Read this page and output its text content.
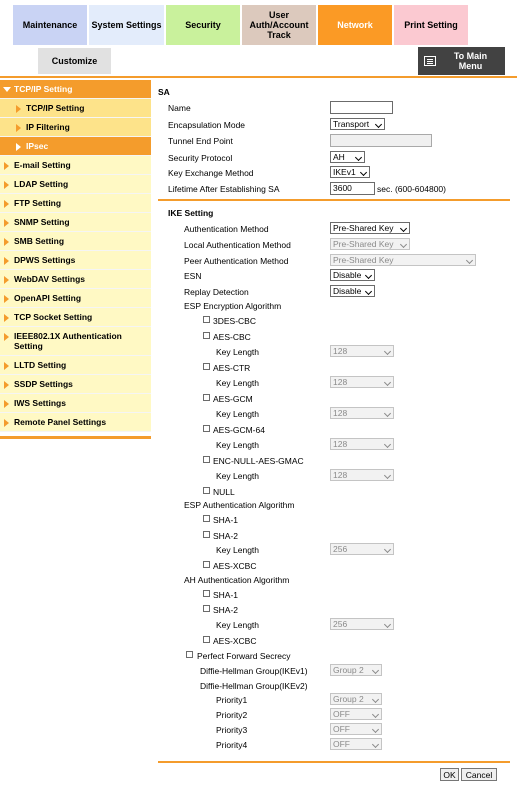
Maintenance System Settings	Security
User
Auth/Account
Track
Network	Print Setting
Customize	To Main
Menu
TCP/IP Setting
TCP/IP Setting
IP Filtering
IPsec
E-mail Setting
LDAP Setting
FTP Setting
SNMP Setting
SMB Setting
DPWS Settings
WebDAV Settings
OpenAPI Setting
TCP Socket Setting
IEEE802.1X Authentication Setting
LLTD Setting
SSDP Settings
IWS Settings
Remote Panel Settings
SA
Name
Encapsulation Mode	Transport
Tunnel End Point
Security Protocol	AH
Key Exchange Method	IKEv1
Lifetime After Establishing SA	3600	sec. (600-604800)
IKE Setting
Authentication Method	Pre-Shared Key
Local Authentication Method	Pre-Shared Key
Peer Authentication Method	Pre-Shared Key
ESN	Disable
Replay Detection	Disable
ESP Encryption Algorithm
3DES-CBC
AES-CBC
Key Length	128
AES-CTR
Key Length	128
AES-GCM
Key Length	128
AES-GCM-64
Key Length	128
ENC-NULL-AES-GMAC
Key Length	128
NULL
ESP Authentication Algorithm
SHA-1
SHA-2
Key Length	256
AES-XCBC
AH Authentication Algorithm
SHA-1
SHA-2
Key Length	256
AES-XCBC
Perfect Forward Secrecy
Diffie-Hellman Group(IKEv1)	Group 2
Diffie-Hellman Group(IKEv2)
Priority1	Group 2
Priority2	OFF
Priority3	OFF
Priority4	OFF
OK	Cancel
